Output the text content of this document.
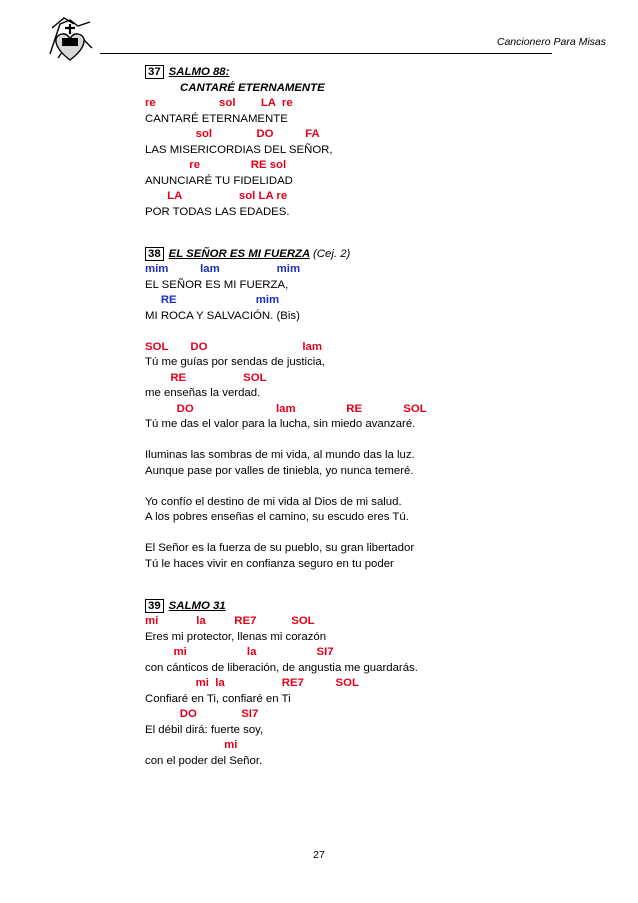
Cancionero Para Misas
37 SALMO 88:
CANTARÉ ETERNAMENTE
re                    sol        LA  re
CANTARÉ ETERNAMENTE
sol              DO          FA
LAS MISERICORDIAS DEL SEÑOR,
re                RE sol
ANUNCIARÉ TU FIDELIDAD
LA                  sol LA re
POR TODAS LAS EDADES.
38 EL SEÑOR ES MI FUERZA (Cej. 2)
mim          lam                  mim
EL SEÑOR ES MI FUERZA,
RE                         mim
MI ROCA Y SALVACIÓN. (Bis)
SOL       DO                              lam
Tú me guías por sendas de justicia,
RE                  SOL
me enseñas la verdad.
DO                          lam                RE             SOL
Tú me das el valor para la lucha, sin miedo avanzaré.
Iluminas las sombras de mi vida, al mundo das la luz.
Aunque pase por valles de tiniebla, yo nunca temeré.
Yo confío el destino de mi vida al Dios de mi salud.
A los pobres enseñas el camino, su escudo eres Tú.
El Señor es la fuerza de su pueblo, su gran libertador
Tú le haces vivir en confianza seguro en tu poder
39 SALMO 31
mi            la         RE7           SOL
Eres mi protector, llenas mi corazón
mi                   la                   SI7
con cánticos de liberación, de angustia me guardarás.
mi  la                  RE7          SOL
Confiaré en Ti, confiaré en Ti
DO              SI7
El débil dirá: fuerte soy,
mi
con el poder del Señor.
27
